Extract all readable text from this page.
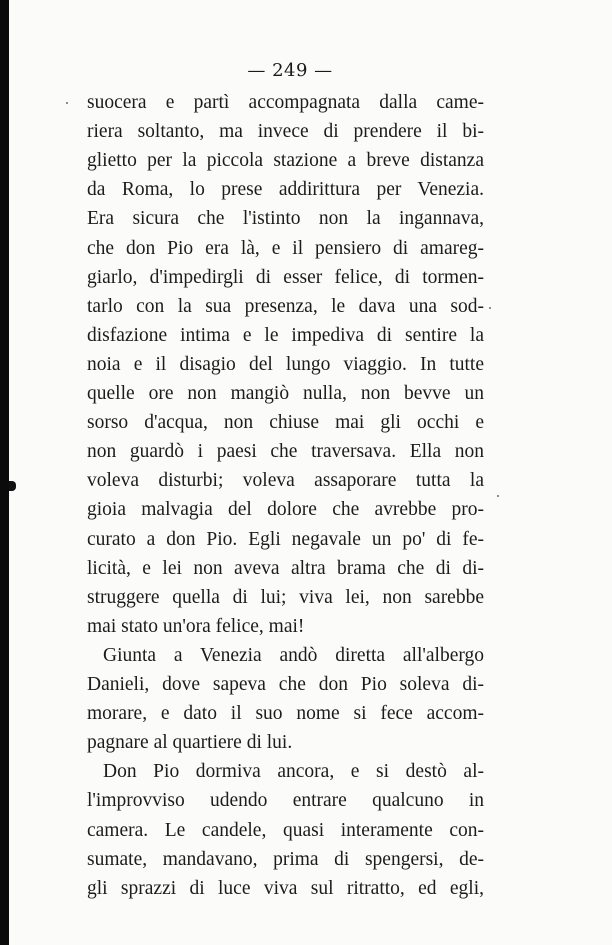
— 249 —
suocera e partì accompagnata dalla came-
riera soltanto, ma invece di prendere il bi-
glietto per la piccola stazione a breve distanza
da Roma, lo prese addirittura per Venezia.
Era sicura che l'istinto non la ingannava,
che don Pio era là, e il pensiero di amareg-
giarlo, d'impedirgli di esser felice, di tormen-
tarlo con la sua presenza, le dava una sod-
disfazione intima e le impediva di sentire la
noia e il disagio del lungo viaggio. In tutte
quelle ore non mangiò nulla, non bevve un
sorso d'acqua, non chiuse mai gli occhi e
non guardò i paesi che traversava. Ella non
voleva disturbi; voleva assaporare tutta la
gioia malvagia del dolore che avrebbe pro-
curato a don Pio. Egli negavale un po' di fe-
licità, e lei non aveva altra brama che di di-
struggere quella di lui; viva lei, non sarebbe
mai stato un'ora felice, mai!
Giunta a Venezia andò diretta all'albergo
Danieli, dove sapeva che don Pio soleva di-
morare, e dato il suo nome si fece accom-
pagnare al quartiere di lui.
Don Pio dormiva ancora, e si destò al-
l'improvviso udendo entrare qualcuno in
camera. Le candele, quasi interamente con-
sumate, mandavano, prima di spengersi, de-
gli sprazzi di luce viva sul ritratto, ed egli,
